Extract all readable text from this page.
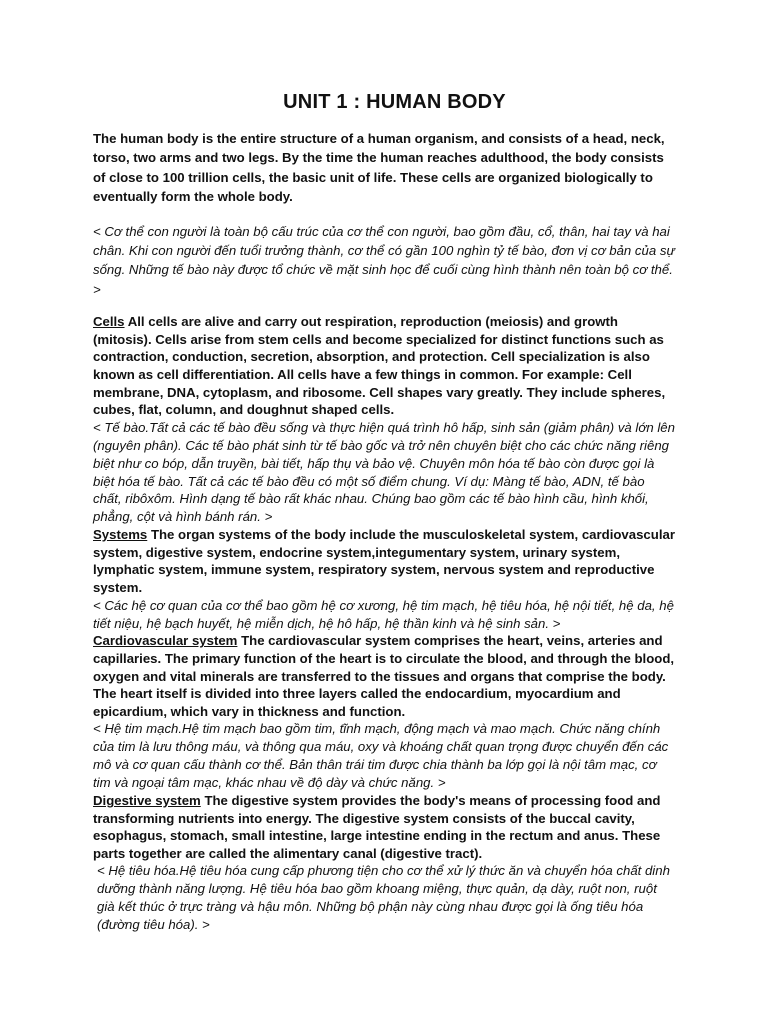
UNIT 1 : HUMAN BODY

The human body is the entire structure of a human organism, and consists of a head, neck, torso, two arms and two legs. By the time the human reaches adulthood, the body consists of close to 100 trillion cells, the basic unit of life. These cells are organized biologically to eventually form the whole body.

< Cơ thể con người là toàn bộ cấu trúc của cơ thể con người, bao gồm đầu, cổ, thân, hai tay và hai chân. Khi con người đến tuổi trưởng thành, cơ thể có gần 100 nghìn tỷ tế bào, đơn vị cơ bản của sự sống. Những tế bào này được tổ chức về mặt sinh học để cuối cùng hình thành nên toàn bộ cơ thể. >

Cells All cells are alive and carry out respiration, reproduction (meiosis) and growth (mitosis). Cells arise from stem cells and become specialized for distinct functions such as contraction, conduction, secretion, absorption, and protection. Cell specialization is also known as cell differentiation. All cells have a few things in common. For example: Cell membrane, DNA, cytoplasm, and ribosome. Cell shapes vary greatly. They include spheres, cubes, flat, column, and doughnut shaped cells.

< Tế bào.Tất cả các tế bào đều sống và thực hiện quá trình hô hấp, sinh sản (giảm phân) và lớn lên (nguyên phân). Các tế bào phát sinh từ tế bào gốc và trở nên chuyên biệt cho các chức năng riêng biệt như co bóp, dẫn truyền, bài tiết, hấp thụ và bảo vệ. Chuyên môn hóa tế bào còn được gọi là biệt hóa tế bào. Tất cả các tế bào đều có một số điểm chung. Ví dụ: Màng tế bào, ADN, tế bào chất, ribôxôm. Hình dạng tế bào rất khác nhau. Chúng bao gồm các tế bào hình cầu, hình khối, phẳng, cột và hình bánh rán. >

Systems The organ systems of the body include the musculoskeletal system, cardiovascular system, digestive system, endocrine system,integumentary system, urinary system, lymphatic system, immune system, respiratory system, nervous system and reproductive system.

< Các hệ cơ quan của cơ thể bao gồm hệ cơ xương, hệ tim mạch, hệ tiêu hóa, hệ nội tiết, hệ da, hệ tiết niệu, hệ bạch huyết, hệ miễn dịch, hệ hô hấp, hệ thần kinh và hệ sinh sản. >

Cardiovascular system The cardiovascular system comprises the heart, veins, arteries and capillaries. The primary function of the heart is to circulate the blood, and through the blood, oxygen and vital minerals are transferred to the tissues and organs that comprise the body. The heart itself is divided into three layers called the endocardium, myocardium and epicardium, which vary in thickness and function.

< Hệ tim mạch.Hệ tim mạch bao gồm tim, tĩnh mạch, động mạch và mao mạch. Chức năng chính của tim là lưu thông máu, và thông qua máu, oxy và khoáng chất quan trọng được chuyển đến các mô và cơ quan cấu thành cơ thể. Bản thân trái tim được chia thành ba lớp gọi là nội tâm mạc, cơ tim và ngoại tâm mạc, khác nhau về độ dày và chức năng. >

Digestive system The digestive system provides the body's means of processing food and transforming nutrients into energy. The digestive system consists of the buccal cavity, esophagus, stomach, small intestine, large intestine ending in the rectum and anus. These parts together are called the alimentary canal (digestive tract).

< Hệ tiêu hóa.Hệ tiêu hóa cung cấp phương tiện cho cơ thể xử lý thức ăn và chuyển hóa chất dinh dưỡng thành năng lượng. Hệ tiêu hóa bao gồm khoang miệng, thực quản, dạ dày, ruột non, ruột già kết thúc ở trực tràng và hậu môn. Những bộ phận này cùng nhau được gọi là ống tiêu hóa (đường tiêu hóa). >
